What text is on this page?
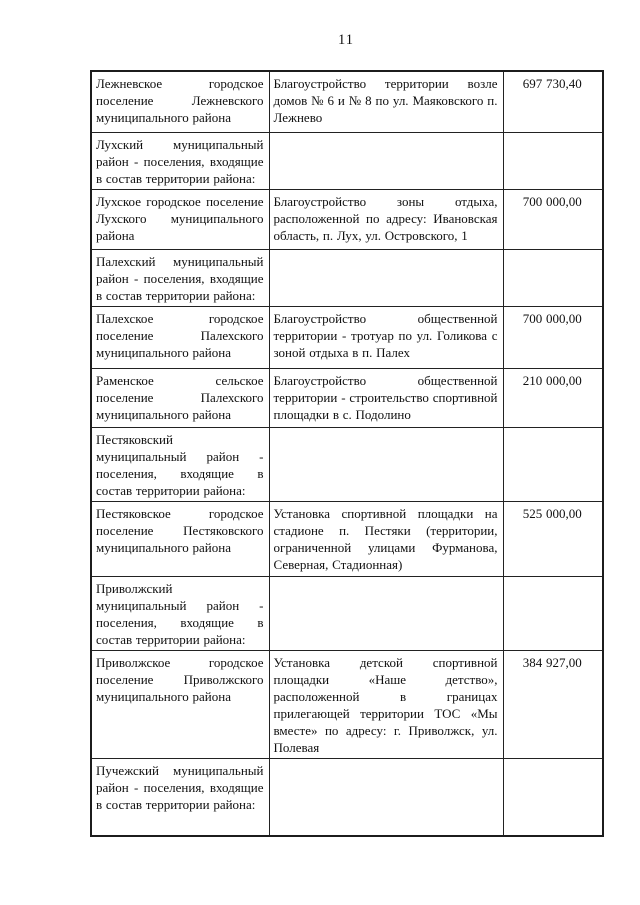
11
Лежневское городское поселение Лежневского муниципального района	Благоустройство территории возле домов № 6 и № 8 по ул. Маяковского п. Лежнево	697 730,40
Лухский муниципальный район - поселения, входящие в состав территории района:		
Лухское городское поселение Лухского муниципального района	Благоустройство зоны отдыха, расположенной по адресу: Ивановская область, п. Лух, ул. Островского, 1	700 000,00
Палехский муниципальный район - поселения, входящие в состав территории района:		
Палехское городское поселение Палехского муниципального района	Благоустройство общественной территории - тротуар по ул. Голикова с зоной отдыха в п. Палех	700 000,00
Раменское сельское поселение Палехского муниципального района	Благоустройство общественной территории - строительство спортивной площадки в с. Подолино	210 000,00
Пестяковский муниципальный район - поселения, входящие в состав территории района:		
Пестяковское городское поселение Пестяковского муниципального района	Установка спортивной площадки на стадионе п. Пестяки (территории, ограниченной улицами Фурманова, Северная, Стадионная)	525 000,00
Приволжский муниципальный район - поселения, входящие в состав территории района:		
Приволжское городское поселение Приволжского муниципального района	Установка детской спортивной площадки «Наше детство», расположенной в границах прилегающей территории ТОС «Мы вместе» по адресу: г. Приволжск, ул. Полевая	384 927,00
Пучежский муниципальный район - поселения, входящие в состав территории района:		
